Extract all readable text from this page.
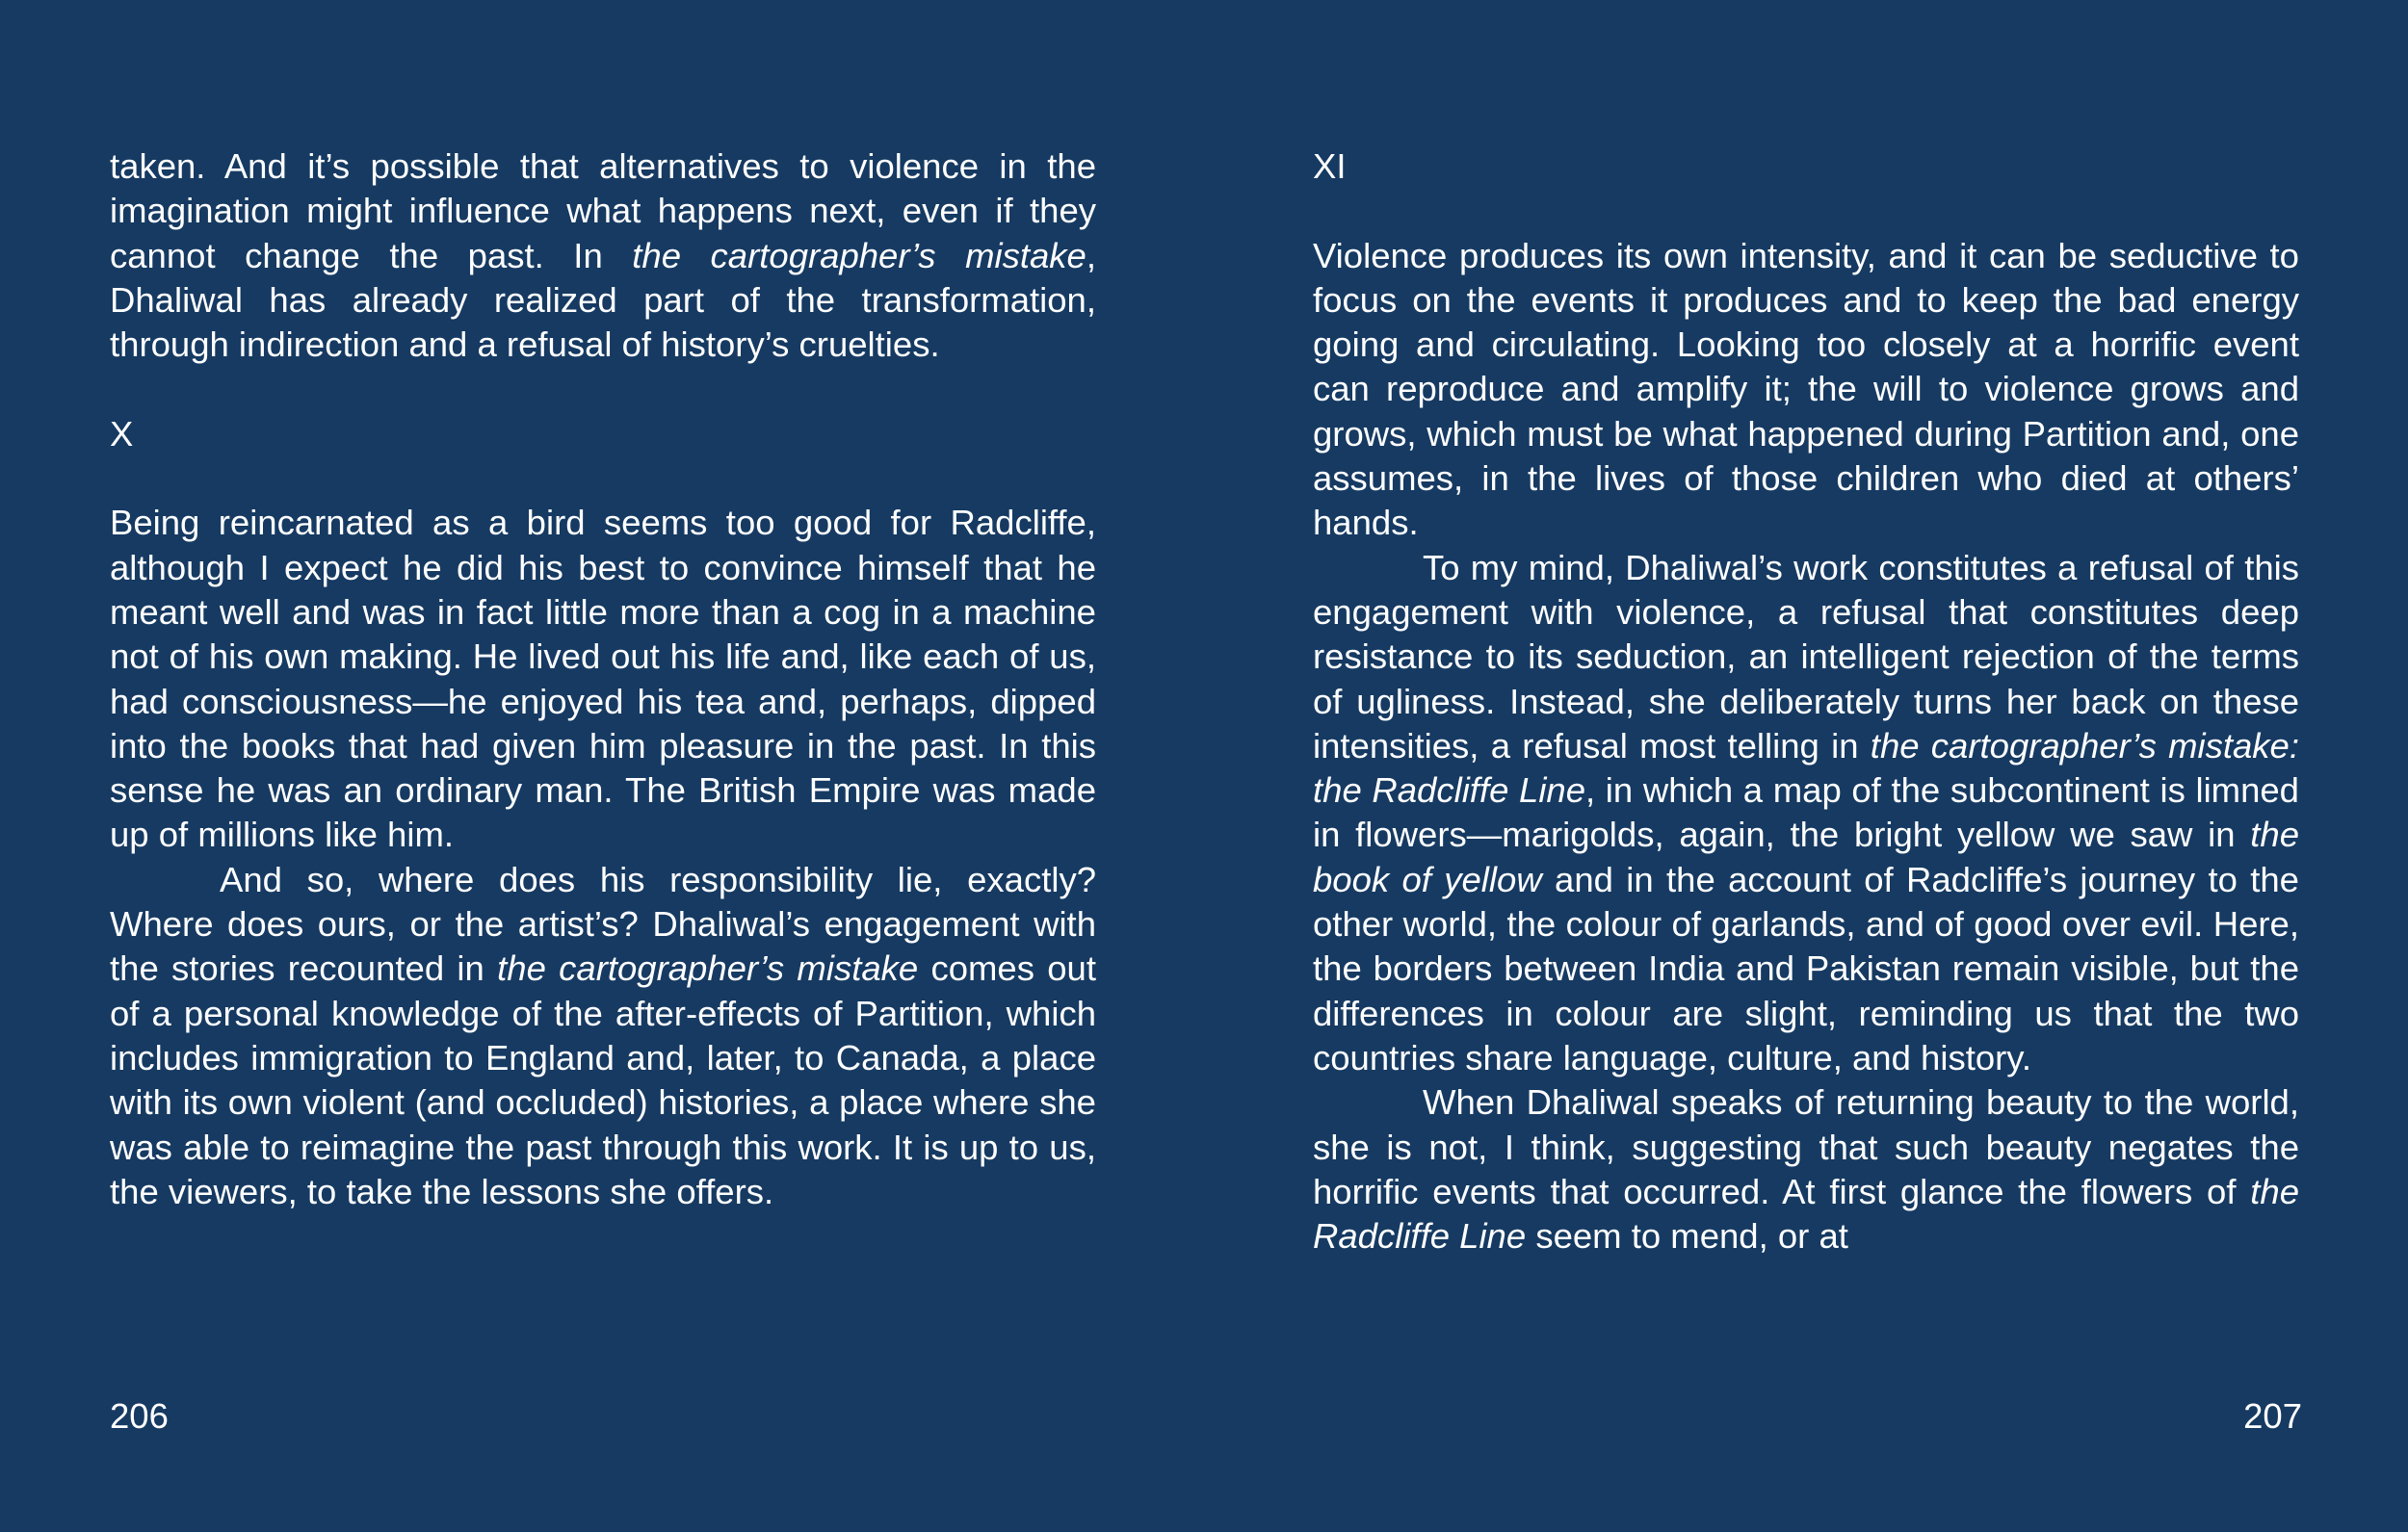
taken. And it’s possible that alternatives to violence in the imagination might influence what happens next, even if they cannot change the past. In the cartographer’s mistake, Dhaliwal has already realized part of the transformation, through indirection and a refusal of history’s cruelties.

X

Being reincarnated as a bird seems too good for Radcliffe, although I expect he did his best to convince himself that he meant well and was in fact little more than a cog in a machine not of his own making. He lived out his life and, like each of us, had consciousness—he enjoyed his tea and, perhaps, dipped into the books that had given him pleasure in the past. In this sense he was an ordinary man. The British Empire was made up of millions like him.

And so, where does his responsibility lie, exactly? Where does ours, or the artist’s? Dhaliwal’s engagement with the stories recounted in the cartographer’s mistake comes out of a personal knowledge of the after-effects of Partition, which includes immigration to England and, later, to Canada, a place with its own violent (and occluded) histories, a place where she was able to reimagine the past through this work. It is up to us, the viewers, to take the lessons she offers.

XI

Violence produces its own intensity, and it can be seductive to focus on the events it produces and to keep the bad energy going and circulating. Looking too closely at a horrific event can reproduce and amplify it; the will to violence grows and grows, which must be what happened during Partition and, one assumes, in the lives of those children who died at others’ hands.

To my mind, Dhaliwal’s work constitutes a refusal of this engagement with violence, a refusal that constitutes deep resistance to its seduction, an intelligent rejection of the terms of ugliness. Instead, she deliberately turns her back on these intensities, a refusal most telling in the cartographer’s mistake: the Radcliffe Line, in which a map of the subcontinent is limned in flowers—marigolds, again, the bright yellow we saw in the book of yellow and in the account of Radcliffe’s journey to the other world, the colour of garlands, and of good over evil. Here, the borders between India and Pakistan remain visible, but the differences in colour are slight, reminding us that the two countries share language, culture, and history.

When Dhaliwal speaks of returning beauty to the world, she is not, I think, suggesting that such beauty negates the horrific events that occurred. At first glance the flowers of the Radcliffe Line seem to mend, or at

206	207
